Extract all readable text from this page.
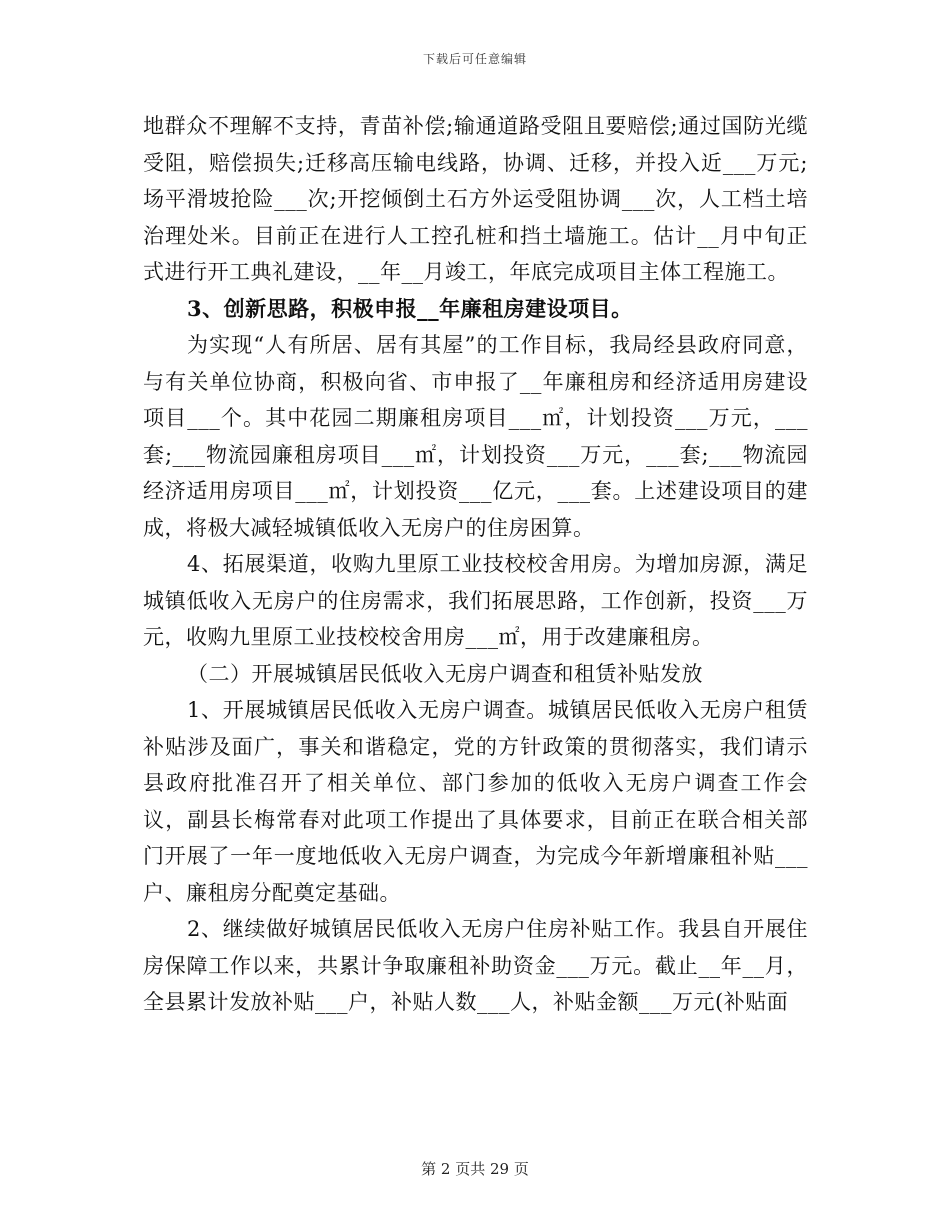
下载后可任意编辑

地群众不理解不支持，青苗补偿;输通道路受阻且要赔偿;通过国防光缆受阻，赔偿损失;迁移高压输电线路，协调、迁移，并投入近___万元;场平滑坡抢险___次;开挖倾倒土石方外运受阻协调___次，人工档土培治理处米。目前正在进行人工控孔桩和挡土墙施工。估计__月中旬正式进行开工典礼建设，__年__月竣工，年底完成项目主体工程施工。

3、创新思路，积极申报__年廉租房建设项目。

为实现“人有所居、居有其屋”的工作目标，我局经县政府同意，与有关单位协商，积极向省、市申报了__年廉租房和经济适用房建设项目___个。其中花园二期廉租房项目___㎡，计划投资___万元，___套;___物流园廉租房项目___㎡，计划投资___万元，___套;___物流园经济适用房项目___㎡，计划投资___亿元，___套。上述建设项目的建成，将极大减轻城镇低收入无房户的住房困算。

4、拓展渠道，收购九里原工业技校校舍用房。为增加房源，满足城镇低收入无房户的住房需求，我们拓展思路，工作创新，投资___万元，收购九里原工业技校校舍用房___㎡，用于改建廉租房。

（二）开展城镇居民低收入无房户调查和租赁补贴发放

1、开展城镇居民低收入无房户调查。城镇居民低收入无房户租赁补贴涉及面广，事关和谐稳定，党的方针政策的贯彻落实，我们请示县政府批准召开了相关单位、部门参加的低收入无房户调查工作会议，副县长梅常春对此项工作提出了具体要求，目前正在联合相关部门开展了一年一度地低收入无房户调查，为完成今年新增廉租补贴___户、廉租房分配奠定基础。

2、继续做好城镇居民低收入无房户住房补贴工作。我县自开展住房保障工作以来，共累计争取廉租补助资金___万元。截止__年__月，全县累计发放补贴___户，补贴人数___人，补贴金额___万元(补贴面

第 2 页共 29 页
